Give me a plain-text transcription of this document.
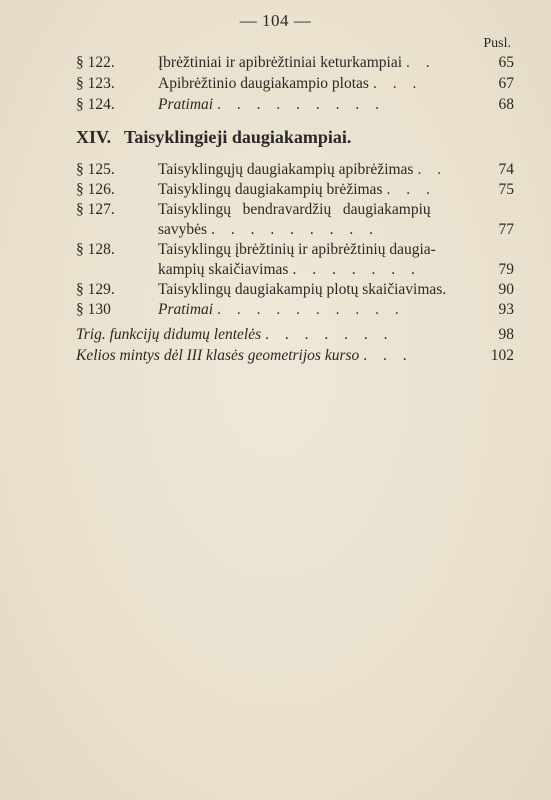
— 104 —
Pusl.
§ 122.	Įbrėžtiniai ir apibrėžtiniai keturkampiai . .	65
§ 123.	Apibrėžtinio daugiakampio plotas . . .	67
§ 124.	Pratimai . . . . . . . . .	68
XIV. Taisyklingieji daugiakampiai.
§ 125.	Taisyklingųjų daugiakampių apibrėžimas . .	74
§ 126.	Taisyklingų daugiakampių brėžimas . . .	75
§ 127.	Taisyklingų   bendravardžių   daugiakampių
savybės . . . . . . . . .	77
§ 128.	Taisyklingų įbrėžtinių ir apibrėžtinių daugia-
kampių skaičiavimas . . . . . . .	79
§ 129.	Taisyklingų daugiakampių plotų skaičiavimas.	90
§ 130	Pratimai . . . . . . . . . .	93
Trig. funkcijų didumų lentelės . . . . . . .	98
Kelios mintys dėl III klasės geometrijos kurso . . .	102
